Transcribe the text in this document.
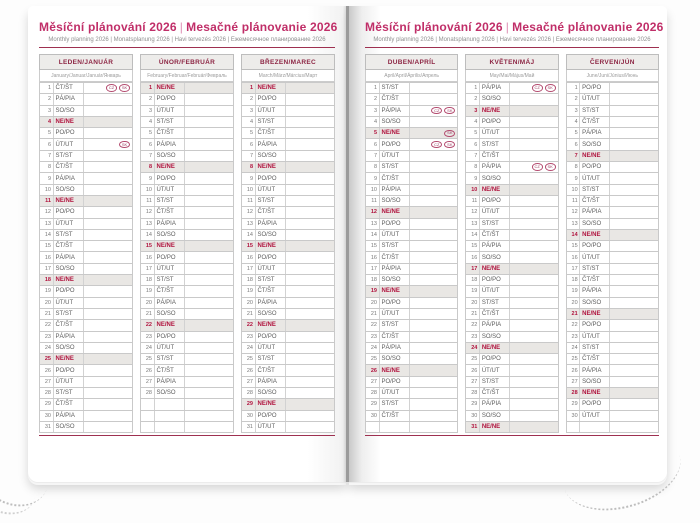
Měsíční plánování 2026 | Mesačné plánovanie 2026
Monthly planning 2026 | Monatsplanung 2026 | Havi tervezés 2026 | Ежемесячное планирование 2026
LEDEN/JANUÁR
January/Januar/Január/Январь
1 ČT/ŠT	CZ	SK
2 PÁ/PIA
3 SO/SO
4 NE/NE
5 PO/PO
6 ÚT/UT	SK
7 ST/ST
8 ČT/ŠT
9 PÁ/PIA
10 SO/SO
11 NE/NE
12 PO/PO
13 ÚT/UT
14 ST/ST
15 ČT/ŠT
16 PÁ/PIA
17 SO/SO
18 NE/NE
19 PO/PO
20 ÚT/UT
21 ST/ST
22 ČT/ŠT
23 PÁ/PIA
24 SO/SO
25 NE/NE
26 PO/PO
27 ÚT/UT
28 ST/ST
29 ČT/ŠT
30 PÁ/PIA
31 SO/SO
ÚNOR/FEBRUÁR
February/Februar/Február/Февраль
1 NE/NE
2 PO/PO
3 ÚT/UT
4 ST/ST
5 ČT/ŠT
6 PÁ/PIA
7 SO/SO
8 NE/NE
9 PO/PO
10 ÚT/UT
11 ST/ST
12 ČT/ŠT
13 PÁ/PIA
14 SO/SO
15 NE/NE
16 PO/PO
17 ÚT/UT
18 ST/ST
19 ČT/ŠT
20 PÁ/PIA
21 SO/SO
22 NE/NE
23 PO/PO
24 ÚT/UT
25 ST/ST
26 ČT/ŠT
27 PÁ/PIA
28 SO/SO
BŘEZEN/MAREC
March/März/Március/Март
1 NE/NE
2 PO/PO
3 ÚT/UT
4 ST/ST
5 ČT/ŠT
6 PÁ/PIA
7 SO/SO
8 NE/NE
9 PO/PO
10 ÚT/UT
11 ST/ST
12 ČT/ŠT
13 PÁ/PIA
14 SO/SO
15 NE/NE
16 PO/PO
17 ÚT/UT
18 ST/ST
19 ČT/ŠT
20 PÁ/PIA
21 SO/SO
22 NE/NE
23 PO/PO
24 ÚT/UT
25 ST/ST
26 ČT/ŠT
27 PÁ/PIA
28 SO/SO
29 NE/NE
30 PO/PO
31 ÚT/UT
Měsíční plánování 2026 | Mesačné plánovanie 2026
Monthly planning 2026 | Monatsplanung 2026 | Havi tervezés 2026 | Ежемесячное планирование 2026
DUBEN/APRÍL
April/April/Április/Апрель
1 ST/ST
2 ČT/ŠT
3 PÁ/PIA	CZ	SK
4 SO/SO
5 NE/NE	SK
6 PO/PO	CZ	SK
7 ÚT/UT
8 ST/ST
9 ČT/ŠT
10 PÁ/PIA
11 SO/SO
12 NE/NE
13 PO/PO
14 ÚT/UT
15 ST/ST
16 ČT/ŠT
17 PÁ/PIA
18 SO/SO
19 NE/NE
20 PO/PO
21 ÚT/UT
22 ST/ST
23 ČT/ŠT
24 PÁ/PIA
25 SO/SO
26 NE/NE
27 PO/PO
28 ÚT/UT
29 ST/ST
30 ČT/ŠT
KVĚTEN/MÁJ
May/Mai/Május/Май
1 PÁ/PIA	CZ	SK
2 SO/SO
3 NE/NE
4 PO/PO
5 ÚT/UT
6 ST/ST
7 ČT/ŠT
8 PÁ/PIA	CZ	SK
9 SO/SO
10 NE/NE
11 PO/PO
12 ÚT/UT
13 ST/ST
14 ČT/ŠT
15 PÁ/PIA
16 SO/SO
17 NE/NE
18 PO/PO
19 ÚT/UT
20 ST/ST
21 ČT/ŠT
22 PÁ/PIA
23 SO/SO
24 NE/NE
25 PO/PO
26 ÚT/UT
27 ST/ST
28 ČT/ŠT
29 PÁ/PIA
30 SO/SO
31 NE/NE
ČERVEN/JÚN
June/Juni/Június/Июнь
1 PO/PO
2 ÚT/UT
3 ST/ST
4 ČT/ŠT
5 PÁ/PIA
6 SO/SO
7 NE/NE
8 PO/PO
9 ÚT/UT
10 ST/ST
11 ČT/ŠT
12 PÁ/PIA
13 SO/SO
14 NE/NE
15 PO/PO
16 ÚT/UT
17 ST/ST
18 ČT/ŠT
19 PÁ/PIA
20 SO/SO
21 NE/NE
22 PO/PO
23 ÚT/UT
24 ST/ST
25 ČT/ŠT
26 PÁ/PIA
27 SO/SO
28 NE/NE
29 PO/PO
30 ÚT/UT
